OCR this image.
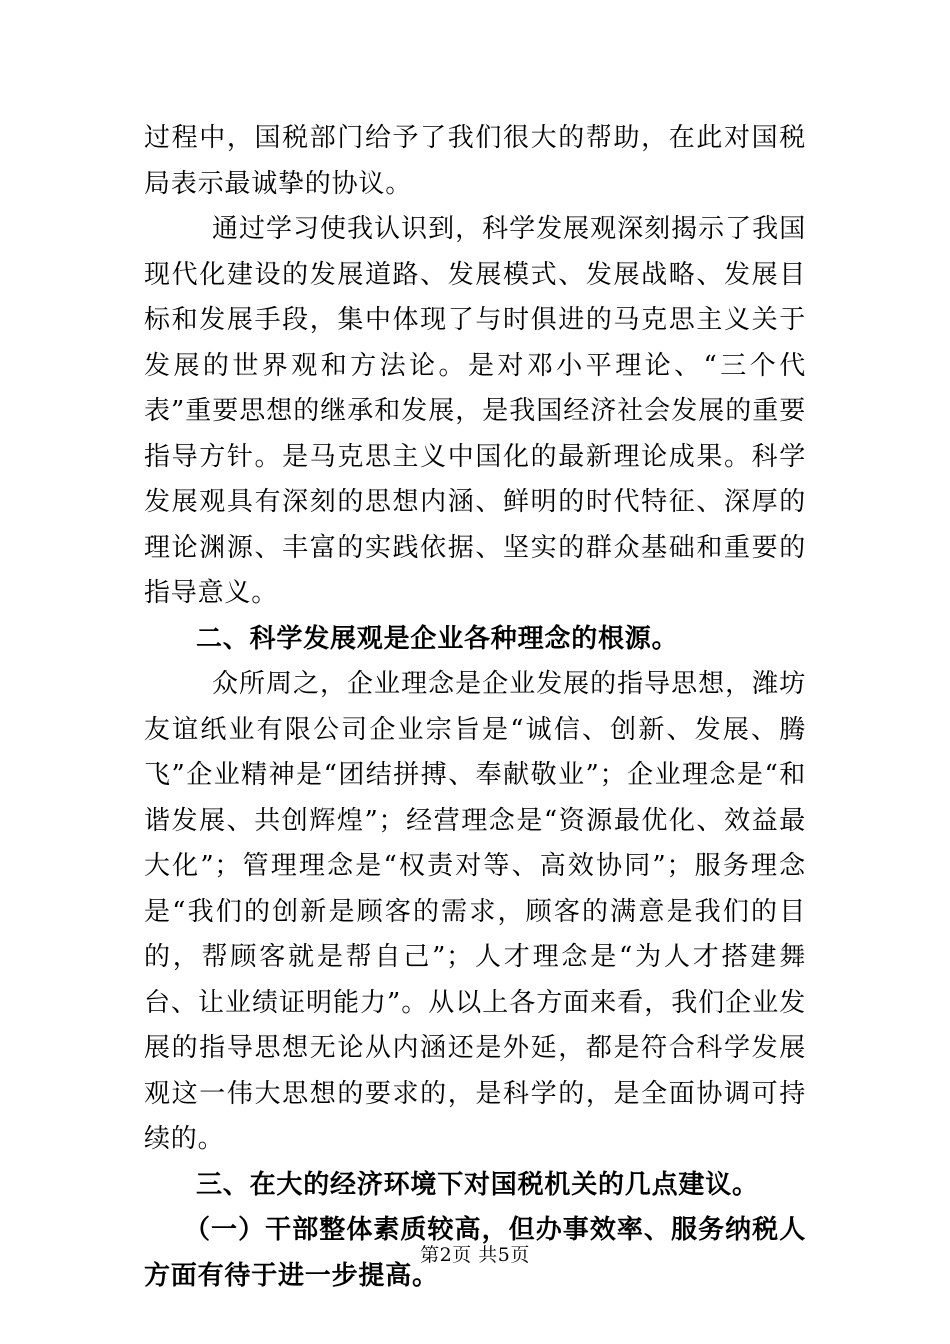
过程中，国税部门给予了我们很大的帮助，在此对国税局表示最诚挚的协议。

通过学习使我认识到，科学发展观深刻揭示了我国现代化建设的发展道路、发展模式、发展战略、发展目标和发展手段，集中体现了与时俱进的马克思主义关于发展的世界观和方法论。是对邓小平理论、“三个代表”重要思想的继承和发展，是我国经济社会发展的重要指导方针。是马克思主义中国化的最新理论成果。科学发展观具有深刻的思想内涵、鲜明的时代特征、深厚的理论渊源、丰富的实践依据、坚实的群众基础和重要的指导意义。

二、科学发展观是企业各种理念的根源。

众所周之，企业理念是企业发展的指导思想，潍坊友谊纸业有限公司企业宗旨是“诚信、创新、发展、腾飞”企业精神是“团结拼搏、奉献敬业”；企业理念是“和谐发展、共创辉煌”；经营理念是“资源最优化、效益最大化”；管理理念是“权责对等、高效协同”；服务理念是“我们的创新是顾客的需求，顾客的满意是我们的目的，帮顾客就是帮自己”；人才理念是“为人才搭建舞台、让业绩证明能力”。从以上各方面来看，我们企业发展的指导思想无论从内涵还是外延，都是符合科学发展观这一伟大思想的要求的，是科学的，是全面协调可持续的。

三、在大的经济环境下对国税机关的几点建议。

（一）干部整体素质较高，但办事效率、服务纳税人方面有待于进一步提高。

第2页 共5页
